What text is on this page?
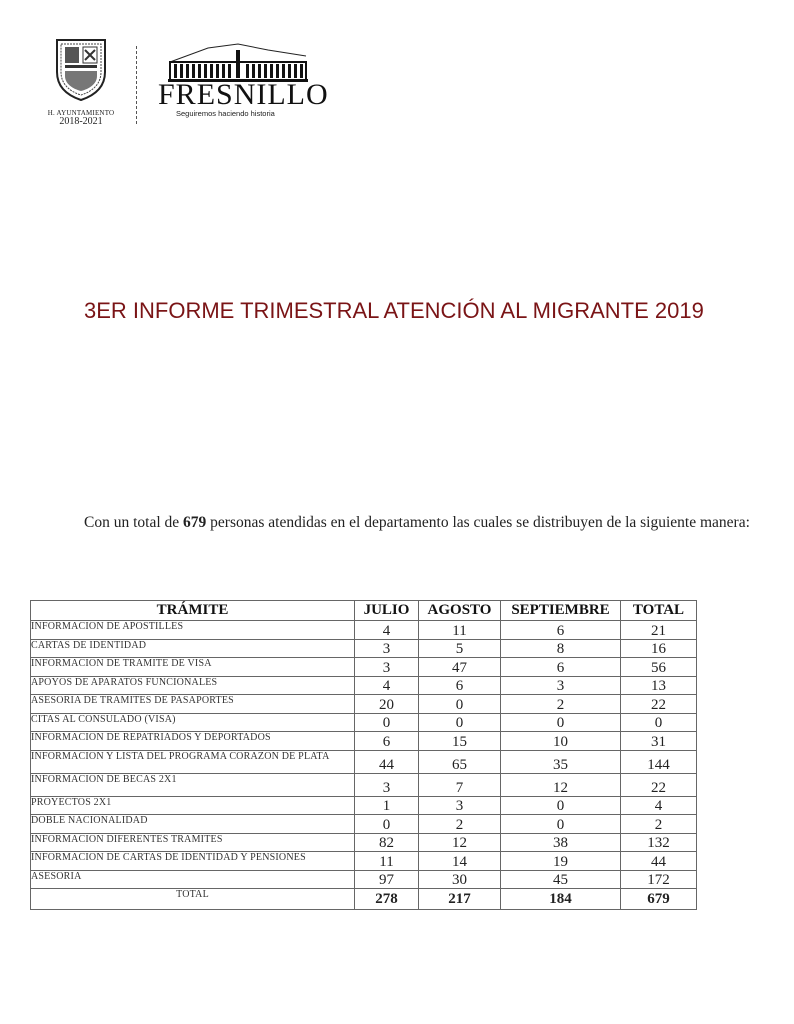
H. AYUNTAMIENTO
2018-2021
FRESNILLO
Seguiremos haciendo historia
3ER INFORME TRIMESTRAL ATENCIÓN AL MIGRANTE 2019
Con un total de 679 personas atendidas en el departamento las cuales se distribuyen de la siguiente manera:
TRÁMITE	JULIO	AGOSTO	SEPTIEMBRE	TOTAL
INFORMACION DE APOSTILLES	4	11	6	21
CARTAS DE IDENTIDAD	3	5	8	16
INFORMACION DE TRAMITE DE VISA	3	47	6	56
APOYOS DE APARATOS FUNCIONALES	4	6	3	13
ASESORIA DE TRAMITES DE PASAPORTES	20	0	2	22
CITAS AL CONSULADO (VISA)	0	0	0	0
INFORMACION DE REPATRIADOS Y DEPORTADOS	6	15	10	31
INFORMACION Y LISTA DEL PROGRAMA CORAZON DE PLATA	44	65	35	144
INFORMACION DE BECAS 2X1	3	7	12	22
PROYECTOS 2X1	1	3	0	4
DOBLE NACIONALIDAD	0	2	0	2
INFORMACION DIFERENTES TRAMITES	82	12	38	132
INFORMACION DE CARTAS DE IDENTIDAD Y PENSIONES	11	14	19	44
ASESORIA	97	30	45	172
TOTAL	278	217	184	679
